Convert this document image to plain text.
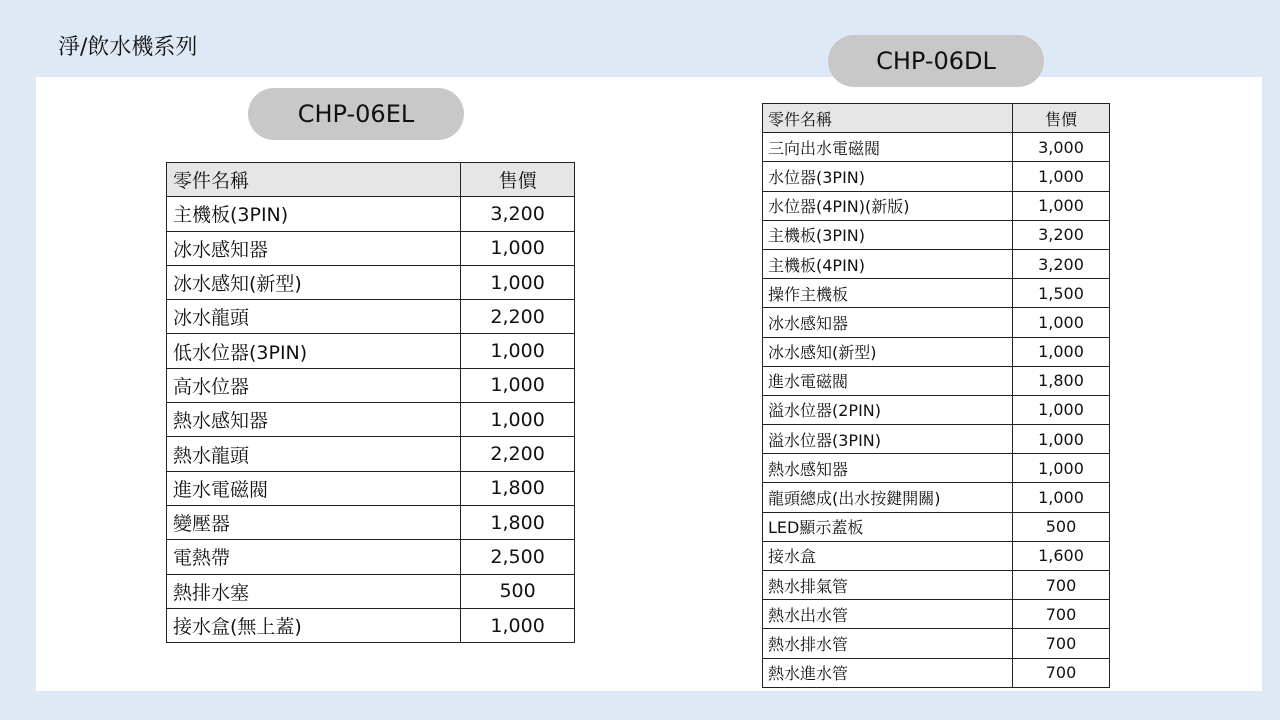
淨/飲水機系列
CHP-06EL
CHP-06DL
零件名稱	售價
主機板(3PIN)	3,200
冰水感知器	1,000
冰水感知(新型)	1,000
冰水龍頭	2,200
低水位器(3PIN)	1,000
高水位器	1,000
熱水感知器	1,000
熱水龍頭	2,200
進水電磁閥	1,800
變壓器	1,800
電熱帶	2,500
熱排水塞	500
接水盒(無上蓋)	1,000
零件名稱	售價
三向出水電磁閥	3,000
水位器(3PIN)	1,000
水位器(4PIN)(新版)	1,000
主機板(3PIN)	3,200
主機板(4PIN)	3,200
操作主機板	1,500
冰水感知器	1,000
冰水感知(新型)	1,000
進水電磁閥	1,800
溢水位器(2PIN)	1,000
溢水位器(3PIN)	1,000
熱水感知器	1,000
龍頭總成(出水按鍵開關)	1,000
LED顯示蓋板	500
接水盒	1,600
熱水排氣管	700
熱水出水管	700
熱水排水管	700
熱水進水管	700
